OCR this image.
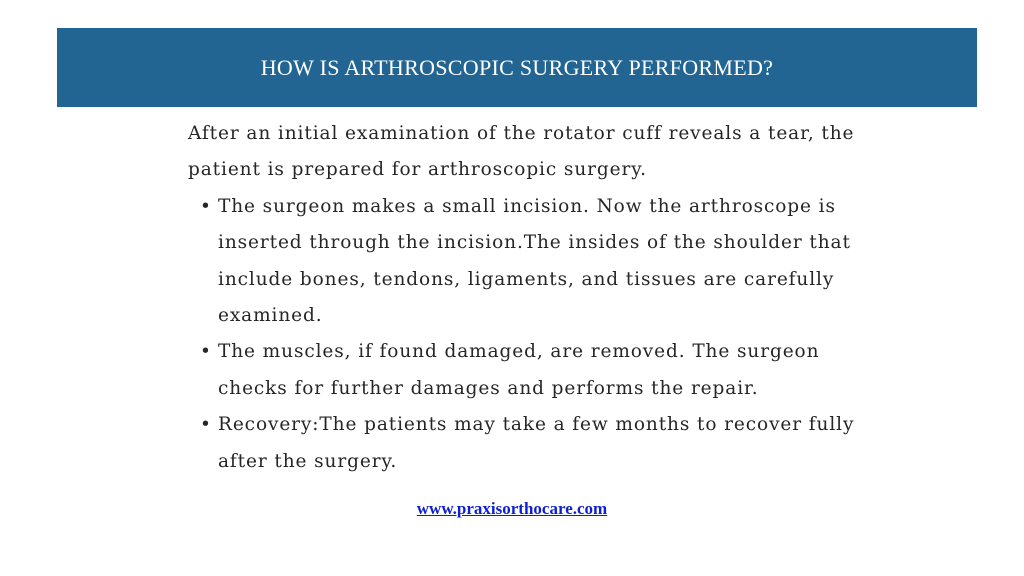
HOW IS ARTHROSCOPIC SURGERY PERFORMED?

After an initial examination of the rotator cuff reveals a tear, the patient is prepared for arthroscopic surgery.

• The surgeon makes a small incision. Now the arthroscope is inserted through the incision.The insides of the shoulder that include bones, tendons, ligaments, and tissues are carefully examined.
• The muscles, if found damaged, are removed. The surgeon checks for further damages and performs the repair.
• Recovery:The patients may take a few months to recover fully after the surgery.
www.praxisorthocare.com
